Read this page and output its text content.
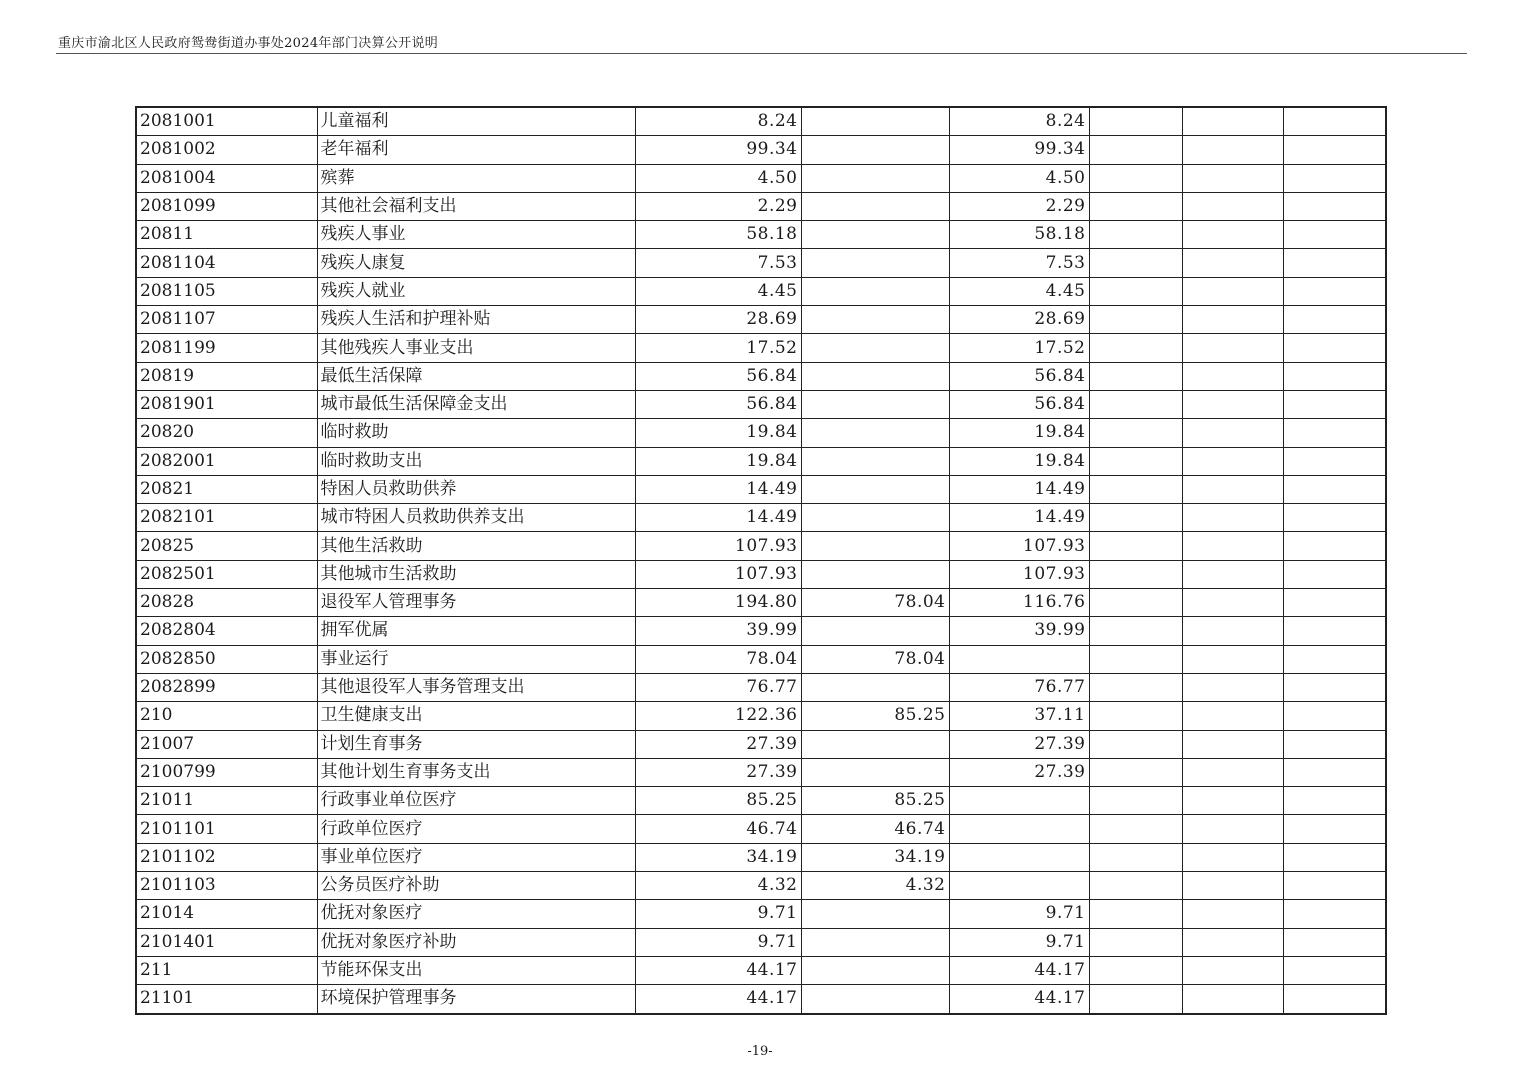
重庆市渝北区人民政府鸳鸯街道办事处2024年部门决算公开说明
2081001	儿童福利	8.24		8.24			
2081002	老年福利	99.34		99.34			
2081004	殡葬	4.50		4.50			
2081099	其他社会福利支出	2.29		2.29			
20811	残疾人事业	58.18		58.18			
2081104	残疾人康复	7.53		7.53			
2081105	残疾人就业	4.45		4.45			
2081107	残疾人生活和护理补贴	28.69		28.69			
2081199	其他残疾人事业支出	17.52		17.52			
20819	最低生活保障	56.84		56.84			
2081901	城市最低生活保障金支出	56.84		56.84			
20820	临时救助	19.84		19.84			
2082001	临时救助支出	19.84		19.84			
20821	特困人员救助供养	14.49		14.49			
2082101	城市特困人员救助供养支出	14.49		14.49			
20825	其他生活救助	107.93		107.93			
2082501	其他城市生活救助	107.93		107.93			
20828	退役军人管理事务	194.80	78.04	116.76			
2082804	拥军优属	39.99		39.99			
2082850	事业运行	78.04	78.04				
2082899	其他退役军人事务管理支出	76.77		76.77			
210	卫生健康支出	122.36	85.25	37.11			
21007	计划生育事务	27.39		27.39			
2100799	其他计划生育事务支出	27.39		27.39			
21011	行政事业单位医疗	85.25	85.25				
2101101	行政单位医疗	46.74	46.74				
2101102	事业单位医疗	34.19	34.19				
2101103	公务员医疗补助	4.32	4.32				
21014	优抚对象医疗	9.71		9.71			
2101401	优抚对象医疗补助	9.71		9.71			
211	节能环保支出	44.17		44.17			
21101	环境保护管理事务	44.17		44.17			
-19-
